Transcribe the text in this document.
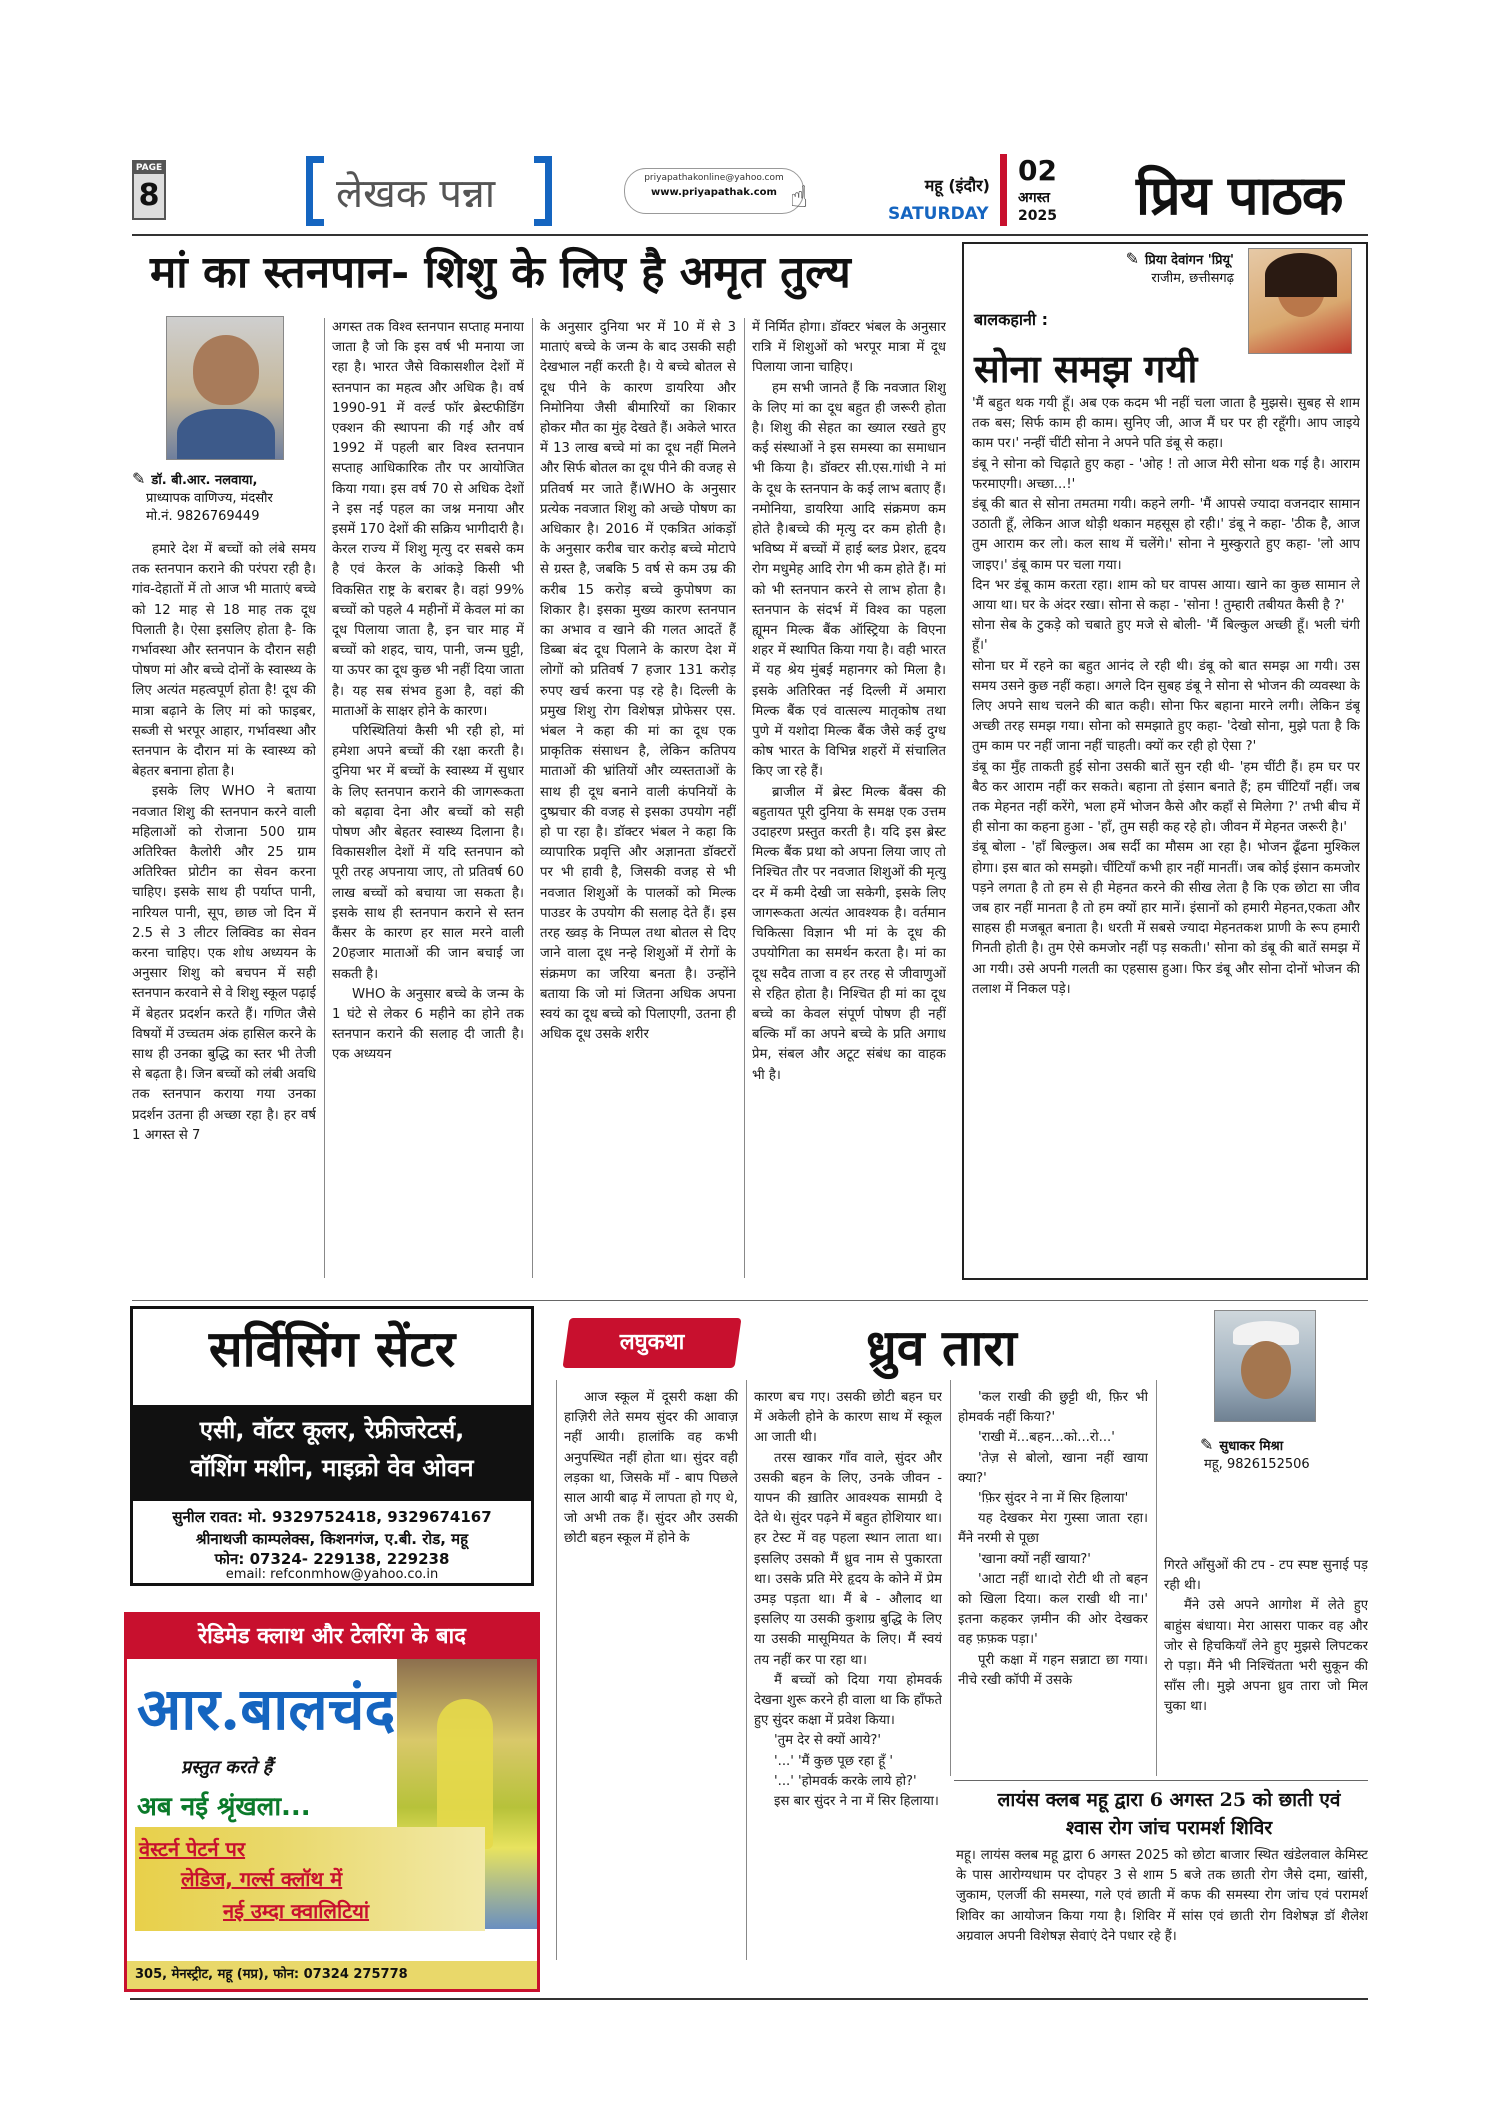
PAGE
8	लेखक पन्ना	priyapathakonline@yahoo.com
www.priyapathak.com ☝	महू (इंदौर)
SATURDAY
02
अगस्त
2025 प्रिय पाठक
मां का स्तनपान- शिशु के लिए है अमृत तुल्य
✎ डॉ. बी.आर. नलवाया,
प्राध्यापक वाणिज्य, मंदसौर
मो.नं. 9826769449

हमारे देश में बच्चों को लंबे समय तक स्तनपान कराने की परंपरा रही है। गांव-देहातों में तो आज भी माताएं बच्चे को 12 माह से 18 माह तक दूध पिलाती है। ऐसा इसलिए होता है- कि गर्भावस्था और स्तनपान के दौरान सही पोषण मां और बच्चे दोनों के स्वास्थ्य के लिए अत्यंत महत्वपूर्ण होता है! दूध की मात्रा बढ़ाने के लिए मां को फाइबर, सब्जी से भरपूर आहार, गर्भावस्था और स्तनपान के दौरान मां के स्वास्थ्य को बेहतर बनाना होता है।

इसके लिए WHO ने बताया नवजात शिशु की स्तनपान करने वाली महिलाओं को रोजाना 500 ग्राम अतिरिक्त कैलोरी और 25 ग्राम अतिरिक्त प्रोटीन का सेवन करना चाहिए। इसके साथ ही पर्याप्त पानी, नारियल पानी, सूप, छाछ जो दिन में 2.5 से 3 लीटर लिक्विड का सेवन करना चाहिए। एक शोध अध्ययन के अनुसार शिशु को बचपन में सही स्तनपान करवाने से वे शिशु स्कूल पढ़ाई में बेहतर प्रदर्शन करते हैं। गणित जैसे विषयों में उच्चतम अंक हासिल करने के साथ ही उनका बुद्धि का स्तर भी तेजी से बढ़ता है। जिन बच्चों को लंबी अवधि तक स्तनपान कराया गया उनका प्रदर्शन उतना ही अच्छा रहा है। हर वर्ष 1 अगस्त से 7

अगस्त तक विश्व स्तनपान सप्ताह मनाया जाता है जो कि इस वर्ष भी मनाया जा रहा है। भारत जैसे विकासशील देशों में स्तनपान का महत्व और अधिक है। वर्ष 1990-91 में वर्ल्ड फॉर ब्रेस्टफीडिंग एक्शन की स्थापना की गई और वर्ष 1992 में पहली बार विश्व स्तनपान सप्ताह आधिकारिक तौर पर आयोजित किया गया। इस वर्ष 70 से अधिक देशों ने इस नई पहल का जश्न मनाया और इसमें 170 देशों की सक्रिय भागीदारी है। केरल राज्य में शिशु मृत्यु दर सबसे कम है एवं केरल के आंकड़े किसी भी विकसित राष्ट्र के बराबर है। वहां 99% बच्चों को पहले 4 महीनों में केवल मां का दूध पिलाया जाता है, इन चार माह में बच्चों को शहद, चाय, पानी, जन्म घुट्टी, या ऊपर का दूध कुछ भी नहीं दिया जाता है। यह सब संभव हुआ है, वहां की माताओं के साक्षर होने के कारण।

परिस्थितियां कैसी भी रही हो, मां हमेशा अपने बच्चों की रक्षा करती है। दुनिया भर में बच्चों के स्वास्थ्य में सुधार के लिए स्तनपान कराने की जागरूकता को बढ़ावा देना और बच्चों को सही पोषण और बेहतर स्वास्थ्य दिलाना है। विकासशील देशों में यदि स्तनपान को पूरी तरह अपनाया जाए, तो प्रतिवर्ष 60 लाख बच्चों को बचाया जा सकता है। इसके साथ ही स्तनपान कराने से स्तन कैंसर के कारण हर साल मरने वाली 20हजार माताओं की जान बचाई जा सकती है।

WHO के अनुसार बच्चे के जन्म के 1 घंटे से लेकर 6 महीने का होने तक स्तनपान कराने की सलाह दी जाती है। एक अध्ययन

के अनुसार दुनिया भर में 10 में से 3 माताएं बच्चे के जन्म के बाद उसकी सही देखभाल नहीं करती है। ये बच्चे बोतल से दूध पीने के कारण डायरिया और निमोनिया जैसी बीमारियों का शिकार होकर मौत का मुंह देखते हैं। अकेले भारत में 13 लाख बच्चे मां का दूध नहीं मिलने और सिर्फ बोतल का दूध पीने की वजह से प्रतिवर्ष मर जाते हैं।WHO के अनुसार प्रत्येक नवजात शिशु को अच्छे पोषण का अधिकार है। 2016 में एकत्रित आंकड़ों के अनुसार करीब चार करोड़ बच्चे मोटापे से ग्रस्त है, जबकि 5 वर्ष से कम उम्र की करीब 15 करोड़ बच्चे कुपोषण का शिकार है। इसका मुख्य कारण स्तनपान का अभाव व खाने की गलत आदतें हैं डिब्बा बंद दूध पिलाने के कारण देश में लोगों को प्रतिवर्ष 7 हजार 131 करोड़ रुपए खर्च करना पड़ रहे है। दिल्ली के प्रमुख शिशु रोग विशेषज्ञ प्रोफेसर एस. भंबल ने कहा की मां का दूध एक प्राकृतिक संसाधन है, लेकिन कतिपय माताओं की भ्रांतियों और व्यस्तताओं के साथ ही दूध बनाने वाली कंपनियों के दुष्प्रचार की वजह से इसका उपयोग नहीं हो पा रहा है। डॉक्टर भंबल ने कहा कि व्यापारिक प्रवृत्ति और अज्ञानता डॉक्टरों पर भी हावी है, जिसकी वजह से भी नवजात शिशुओं के पालकों को मिल्क पाउडर के उपयोग की सलाह देते हैं। इस तरह ख्वड़ के निप्पल तथा बोतल से दिए जाने वाला दूध नन्हे शिशुओं में रोगों के संक्रमण का जरिया बनता है। उन्होंने बताया कि जो मां जितना अधिक अपना स्वयं का दूध बच्चे को पिलाएगी, उतना ही अधिक दूध उसके शरीर

में निर्मित होगा। डॉक्टर भंबल के अनुसार रात्रि में शिशुओं को भरपूर मात्रा में दूध पिलाया जाना चाहिए।

हम सभी जानते हैं कि नवजात शिशु के लिए मां का दूध बहुत ही जरूरी होता है। शिशु की सेहत का ख्याल रखते हुए कई संस्थाओं ने इस समस्या का समाधान भी किया है। डॉक्टर सी.एस.गांधी ने मां के दूध के स्तनपान के कई लाभ बताए हैं। नमोनिया, डायरिया आदि संक्रमण कम होते है।बच्चे की मृत्यु दर कम होती है। भविष्य में बच्चों में हाई ब्लड प्रेशर, हृदय रोग मधुमेह आदि रोग भी कम होते हैं। मां को भी स्तनपान करने से लाभ होता है। स्तनपान के संदर्भ में विश्व का पहला ह्यूमन मिल्क बैंक ऑस्ट्रिया के विएना शहर में स्थापित किया गया है। वही भारत में यह श्रेय मुंबई महानगर को मिला है। इसके अतिरिक्त नई दिल्ली में अमारा मिल्क बैंक एवं वात्सल्य मातृकोष तथा पुणे में यशोदा मिल्क बैंक जैसे कई दुग्ध कोष भारत के विभिन्न शहरों में संचालित किए जा रहे हैं।

ब्राजील में ब्रेस्ट मिल्क बैंक्स की बहुतायत पूरी दुनिया के समक्ष एक उत्तम उदाहरण प्रस्तुत करती है। यदि इस ब्रेस्ट मिल्क बैंक प्रथा को अपना लिया जाए तो निश्चित तौर पर नवजात शिशुओं की मृत्यु दर में कमी देखी जा सकेगी, इसके लिए जागरूकता अत्यंत आवश्यक है। वर्तमान चिकित्सा विज्ञान भी मां के दूध की उपयोगिता का समर्थन करता है। मां का दूध सदैव ताजा व हर तरह से जीवाणुओं से रहित होता है। निश्चित ही मां का दूध बच्चे का केवल संपूर्ण पोषण ही नहीं बल्कि मॉं का अपने बच्चे के प्रति अगाध प्रेम, संबल और अटूट संबंध का वाहक भी है।

✎ प्रिया देवांगन 'प्रियू'
राजीम, छत्तीसगढ़
बालकहानी :
सोना समझ गयी

'मैं बहुत थक गयी हूँ। अब एक कदम भी नहीं चला जाता है मुझसे। सुबह से शाम तक बस; सिर्फ काम ही काम। सुनिए जी, आज मैं घर पर ही रहूँगी। आप जाइये काम पर।' नन्हीं चींटी सोना ने अपने पति डंबू से कहा।

डंबू ने सोना को चिढ़ाते हुए कहा - 'ओह ! तो आज मेरी सोना थक गई है। आराम फरमाएगी। अच्छा...!'

डंबू की बात से सोना तमतमा गयी। कहने लगी- 'मैं आपसे ज्यादा वजनदार सामान उठाती हूँ, लेकिन आज थोड़ी थकान महसूस हो रही।' डंबू ने कहा- 'ठीक है, आज तुम आराम कर लो। कल साथ में चलेंगे।' सोना ने मुस्कुराते हुए कहा- 'लो आप जाइए।' डंबू काम पर चला गया।

दिन भर डंबू काम करता रहा। शाम को घर वापस आया। खाने का कुछ सामान ले आया था। घर के अंदर रखा। सोना से कहा - 'सोना ! तुम्हारी तबीयत कैसी है ?'

सोना सेब के टुकड़े को चबाते हुए मजे से बोली- 'मैं बिल्कुल अच्छी हूँ। भली चंगी हूँ।'

सोना घर में रहने का बहुत आनंद ले रही थी। डंबू को बात समझ आ गयी। उस समय उसने कुछ नहीं कहा। अगले दिन सुबह डंबू ने सोना से भोजन की व्यवस्था के लिए अपने साथ चलने की बात कही। सोना फिर बहाना मारने लगी। लेकिन डंबू अच्छी तरह समझ गया। सोना को समझाते हुए कहा- 'देखो सोना, मुझे पता है कि तुम काम पर नहीं जाना नहीं चाहती। क्यों कर रही हो ऐसा ?'

डंबू का मुँह ताकती हुई सोना उसकी बातें सुन रही थी- 'हम चींटी हैं। हम घर पर बैठ कर आराम नहीं कर सकते। बहाना तो इंसान बनाते हैं; हम चींटियाँ नहीं। जब तक मेहनत नहीं करेंगे, भला हमें भोजन कैसे और कहाँ से मिलेगा ?' तभी बीच में ही सोना का कहना हुआ - 'हाँ, तुम सही कह रहे हो। जीवन में मेहनत जरूरी है।'

डंबू बोला - 'हाँ बिल्कुल। अब सर्दी का मौसम आ रहा है। भोजन ढूँढना मुश्किल होगा। इस बात को समझो। चींटियाँ कभी हार नहीं मानतीं। जब कोई इंसान कमजोर पड़ने लगता है तो हम से ही मेहनत करने की सीख लेता है कि एक छोटा सा जीव जब हार नहीं मानता है तो हम क्यों हार मानें। इंसानों को हमारी मेहनत,एकता और साहस ही मजबूत बनाता है। धरती में सबसे ज्यादा मेहनतकश प्राणी के रूप हमारी गिनती होती है। तुम ऐसे कमजोर नहीं पड़ सकती।' सोना को डंबू की बातें समझ में आ गयी। उसे अपनी गलती का एहसास हुआ। फिर डंबू और सोना दोनों भोजन की तलाश में निकल पड़े।

सर्विसिंग सेंटर
एसी, वॉटर कूलर, रेफ्रीजरेटर्स,
वॉशिंग मशीन, माइक्रो वेव ओवन
सुनील रावत: मो. 9329752418, 9329674167
श्रीनाथजी काम्पलेक्स, किशनगंज, ए.बी. रोड, महू
फोन: 07324- 229138, 229238
email: refconmhow@yahoo.co.in
रेडिमेड क्लाथ और टेलरिंग के बाद
आर.बालचंद
प्रस्तुत करते हैं
अब नई श्रृंखला...
वेस्टर्न पेटर्न पर
लेडिज, गर्ल्स क्लॉथ में
नई उम्दा क्वालिटियां
305, मेनस्ट्रीट, महू (मप्र), फोन: 07324 275778
लघुकथा	ध्रुव तारा
✎ सुधाकर मिश्रा
महू, 9826152506

आज स्कूल में दूसरी कक्षा की हाज़िरी लेते समय सुंदर की आवाज़ नहीं आयी। हालांकि वह कभी अनुपस्थित नहीं होता था। सुंदर वही लड़का था, जिसके माँ - बाप पिछले साल आयी बाढ़ में लापता हो गए थे, जो अभी तक हैं। सुंदर और उसकी छोटी बहन स्कूल में होने के

कारण बच गए। उसकी छोटी बहन घर में अकेली होने के कारण साथ में स्कूल आ जाती थी।

तरस खाकर गाँव वाले, सुंदर और उसकी बहन के लिए, उनके जीवन - यापन की ख़ातिर आवश्यक सामग्री दे देते थे। सुंदर पढ़ने में बहुत होशियार था। हर टेस्ट में वह पहला स्थान लाता था। इसलिए उसको मैं ध्रुव नाम से पुकारता था। उसके प्रति मेरे हृदय के कोने में प्रेम उमड़ पड़ता था। मैं बे - औलाद था इसलिए या उसकी कुशाग्र बुद्धि के लिए या उसकी मासूमियत के लिए। मैं स्वयं तय नहीं कर पा रहा था।

मैं बच्चों को दिया गया होमवर्क देखना शुरू करने ही वाला था कि हाँफते हुए सुंदर कक्षा में प्रवेश किया।

'तुम देर से क्यों आये?'

'...' 'मैं कुछ पूछ रहा हूँ '

'...' 'होमवर्क करके लाये हो?'

इस बार सुंदर ने ना में सिर हिलाया।

'कल राखी की छुट्टी थी, फ़िर भी होमवर्क नहीं किया?'

'राखी में...बहन...को...रो...'

'तेज़ से बोलो, खाना नहीं खाया क्या?'

'फ़िर सुंदर ने ना में सिर हिलाया'

यह देखकर मेरा गुस्सा जाता रहा। मैंने नरमी से पूछा

'खाना क्यों नहीं खाया?'

'आटा नहीं था।दो रोटी थी तो बहन को खिला दिया। कल राखी थी ना।' इतना कहकर ज़मीन की ओर देखकर वह फ़फ़क पड़ा।'

पूरी कक्षा में गहन सन्नाटा छा गया। नीचे रखी कॉपी में उसके

गिरते आँसुओं की टप - टप स्पष्ट सुनाई पड़ रही थी।

मैंने उसे अपने आगोश में लेते हुए बाहुंस बंधाया। मेरा आसरा पाकर वह और जोर से हिचकियाँ लेने हुए मुझसे लिपटकर रो पड़ा। मैंने भी निश्चिंतता भरी सुकून की साँस ली। मुझे अपना ध्रुव तारा जो मिल चुका था।

लायंस क्लब महू द्वारा 6 अगस्त 25 को छाती एवं श्वास रोग जांच परामर्श शिविर
महू। लायंस क्लब महू द्वारा 6 अगस्त 2025 को छोटा बाजार स्थित खंडेलवाल केमिस्ट के पास आरोग्यधाम पर दोपहर 3 से शाम 5 बजे तक छाती रोग जैसे दमा, खांसी, जुकाम, एलर्जी की समस्या, गले एवं छाती में कफ की समस्या रोग जांच एवं परामर्श शिविर का आयोजन किया गया है। शिविर में सांस एवं छाती रोग विशेषज्ञ डॉ शैलेश अग्रवाल अपनी विशेषज्ञ सेवाएं देने पधार रहे हैं।
